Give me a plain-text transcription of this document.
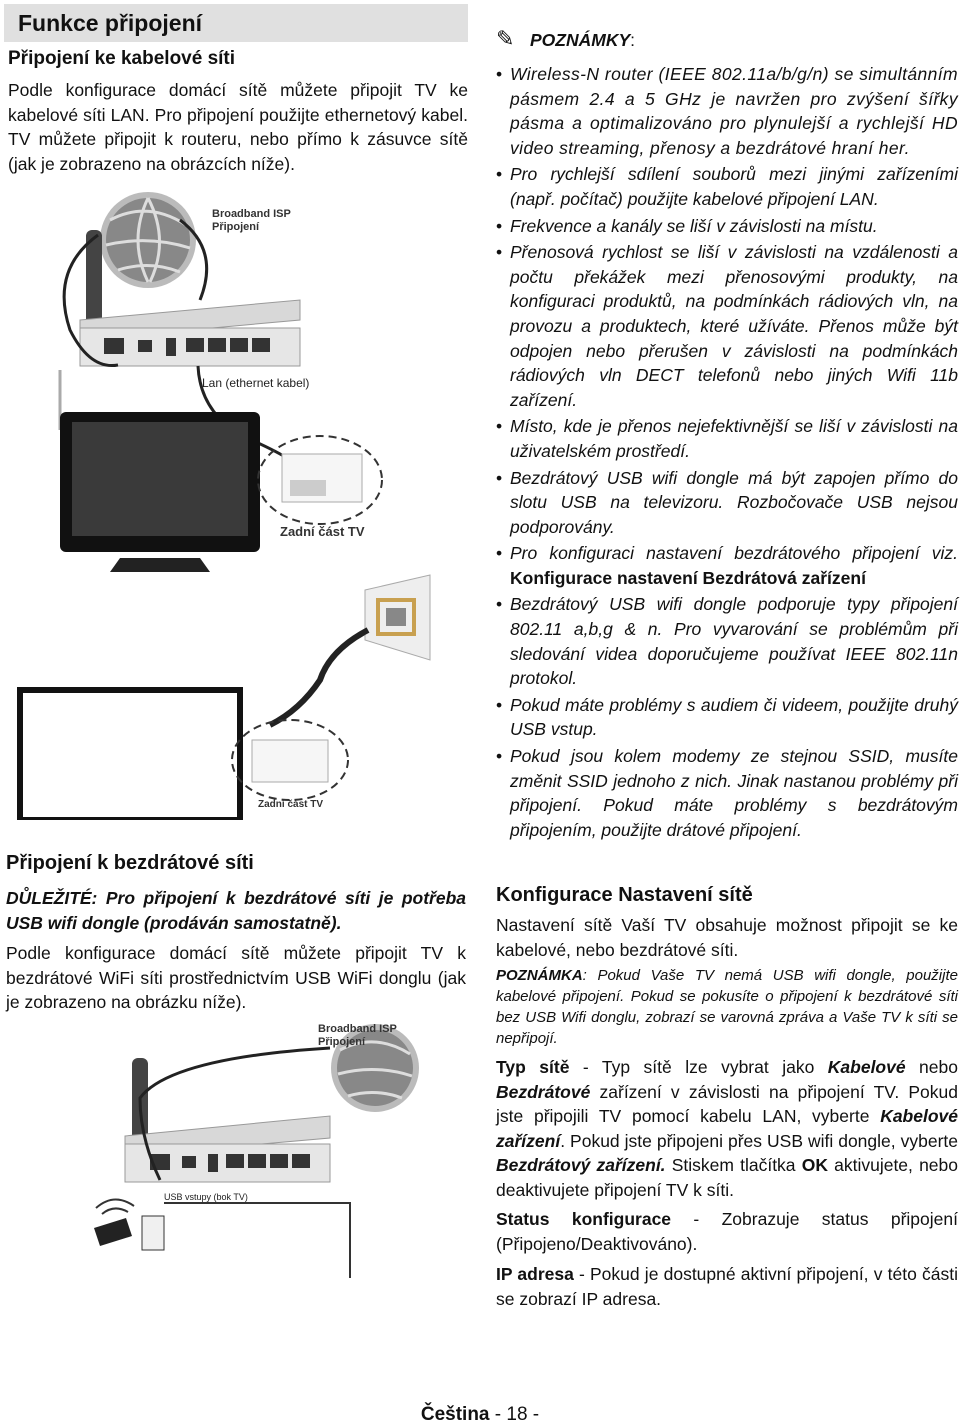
Funkce připojení
Připojení ke kabelové síti
Podle konfigurace domácí sítě můžete připojit TV ke kabelové síti LAN. Pro připojení použijte ethernetový kabel. TV můžete připojit k routeru, nebo přímo k zásuvce sítě (jak je zobrazeno na obrázcích níže).
Broadband ISP
Připojení
Lan (ethernet kabel)
Zadní část TV
Zadní část TV
Připojení k bezdrátové síti
DŮLEŽITÉ: Pro připojení k bezdrátové síti je potřeba USB wifi dongle (prodáván samostatně).
Podle konfigurace domácí sítě můžete připojit TV k bezdrátové WiFi síti prostřednictvím USB WiFi donglu (jak je zobrazeno na obrázku níže).
Broadband ISP
Připojení
USB vstupy (bok TV)
✎ POZNÁMKY:
• Wireless-N router (IEEE 802.11a/b/g/n) se simultánním pásmem 2.4 a 5 GHz je navržen pro zvýšení šířky pásma a optimalizováno pro plynulejší a rychlejší HD video streaming, přenosy a bezdrátové hraní her.
• Pro rychlejší sdílení souborů mezi jinými zařízeními (např. počítač) použijte kabelové připojení LAN.
• Frekvence a kanály se liší v závislosti na místu.
• Přenosová rychlost se liší v závislosti na vzdálenosti a počtu překážek mezi přenosovými produkty, na konfiguraci produktů, na podmínkách rádiových vln, na provozu a produktech, které užíváte. Přenos může být odpojen nebo přerušen v závislosti na podmínkách rádiových vln DECT telefonů nebo jiných Wifi 11b zařízení.
• Místo, kde je přenos nejefektivnější se liší v závislosti na uživatelském prostředí.
• Bezdrátový USB wifi dongle má být zapojen přímo do slotu USB na televizoru. Rozbočovače USB nejsou podporovány.
• Pro konfiguraci nastavení bezdrátového připojení viz. Konfigurace nastavení Bezdrátová zařízení
• Bezdrátový USB wifi dongle podporuje typy připojení 802.11 a,b,g & n. Pro vyvarování se problémům při sledování videa doporučujeme používat IEEE 802.11n protokol.
• Pokud máte problémy s audiem či videem, použijte druhý USB vstup.
• Pokud jsou kolem modemy ze stejnou SSID, musíte změnit SSID jednoho z nich. Jinak nastanou problémy při připojení. Pokud máte problémy s bezdrátovým připojením, použijte drátové připojení.
Konfigurace Nastavení sítě
Nastavení sítě Vaší TV obsahuje možnost připojit se ke kabelové, nebo bezdrátové síti.
POZNÁMKA: Pokud Vaše TV nemá USB wifi dongle, použijte kabelové připojení. Pokud se pokusíte o připojení k bezdrátové síti bez USB Wifi donglu, zobrazí se varovná zpráva a Vaše TV k síti se nepřipojí.
Typ sítě - Typ sítě lze vybrat jako Kabelové nebo Bezdrátové zařízení v závislosti na připojení TV. Pokud jste připojili TV pomocí kabelu LAN, vyberte Kabelové zařízení. Pokud jste připojeni přes USB wifi dongle, vyberte Bezdrátový zařízení. Stiskem tlačítka OK aktivujete, nebo deaktivujete připojení TV k síti.
Status konfigurace - Zobrazuje status připojení (Připojeno/Deaktivováno).
IP adresa - Pokud je dostupné aktivní připojení, v této části se zobrazí IP adresa.
Čeština - 18 -
